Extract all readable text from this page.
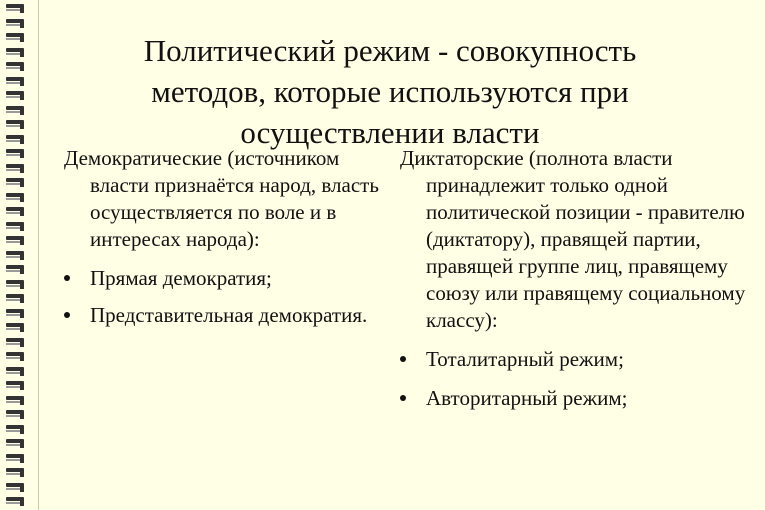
Политический режим - совокупность методов, которые используются при осуществлении власти

Демократические (источником власти признаётся народ, власть осуществляется по воле и в интересах народа):

Прямая демократия;
Представительная демократия.

Диктаторские (полнота власти принадлежит только одной политической позиции - правителю (диктатору), правящей партии, правящей группе лиц, правящему союзу или правящему социальному классу):

Тоталитарный режим;
Авторитарный режим;
